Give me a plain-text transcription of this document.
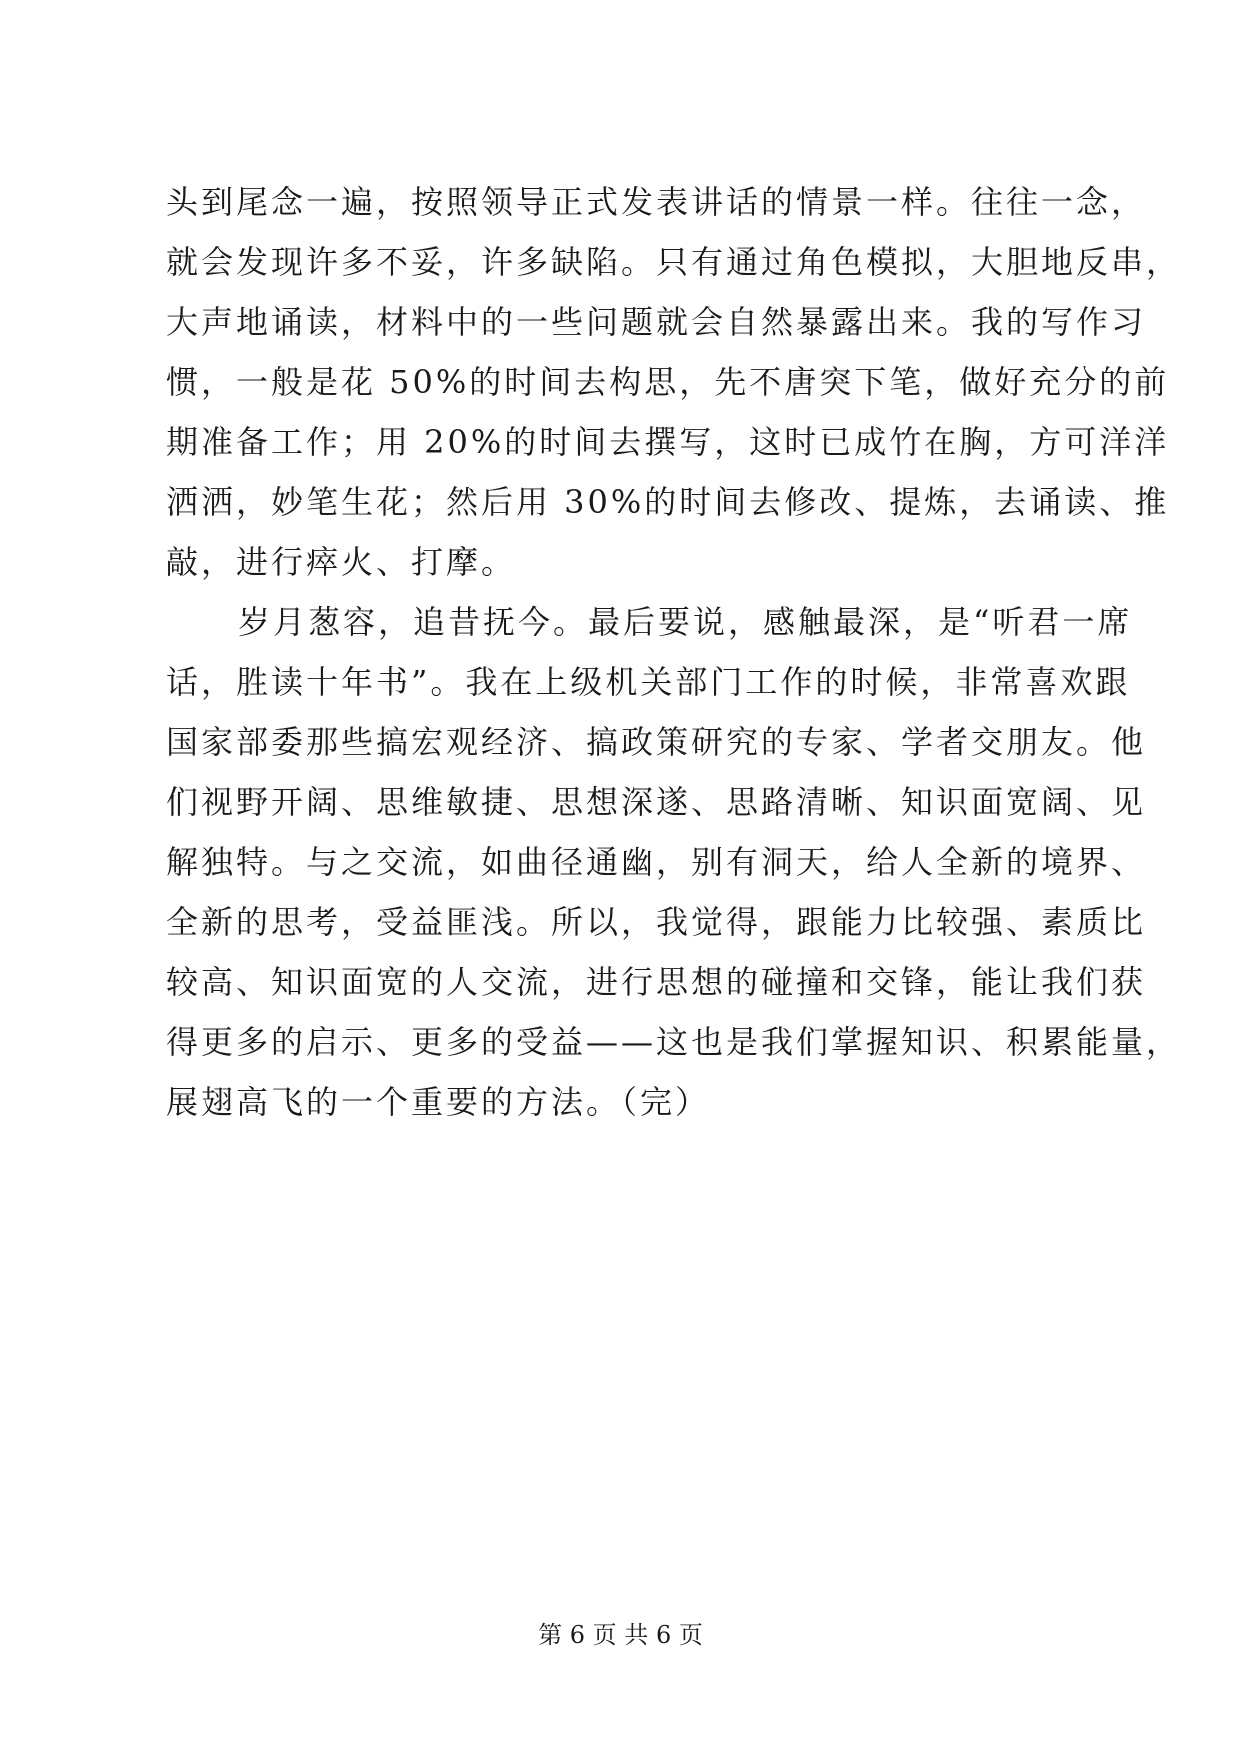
头到尾念一遍，按照领导正式发表讲话的情景一样。往往一念，
就会发现许多不妥，许多缺陷。只有通过角色模拟，大胆地反串，
大声地诵读，材料中的一些问题就会自然暴露出来。我的写作习
惯，一般是花 50%的时间去构思，先不唐突下笔，做好充分的前
期准备工作；用 20%的时间去撰写，这时已成竹在胸，方可洋洋
洒洒，妙笔生花；然后用 30%的时间去修改、提炼，去诵读、推
敲，进行瘁火、打摩。

岁月葱容，追昔抚今。最后要说，感触最深，是“听君一席
话，胜读十年书”。我在上级机关部门工作的时候，非常喜欢跟
国家部委那些搞宏观经济、搞政策研究的专家、学者交朋友。他
们视野开阔、思维敏捷、思想深遂、思路清晰、知识面宽阔、见
解独特。与之交流，如曲径通幽，别有洞天，给人全新的境界、
全新的思考，受益匪浅。所以，我觉得，跟能力比较强、素质比
较高、知识面宽的人交流，进行思想的碰撞和交锋，能让我们获
得更多的启示、更多的受益——这也是我们掌握知识、积累能量，
展翅高飞的一个重要的方法。（完）

第 6 页 共 6 页
